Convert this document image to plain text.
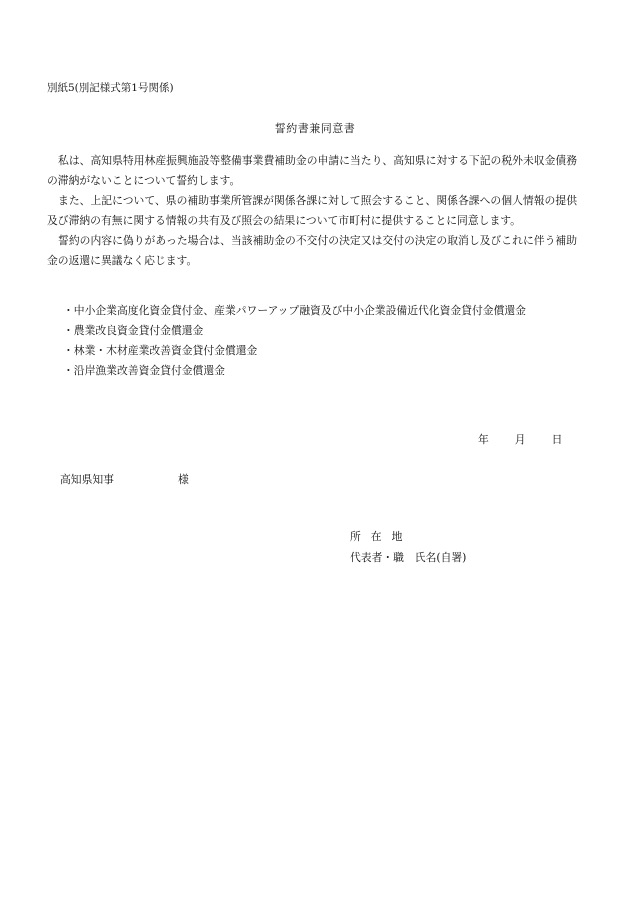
別紙5(別記様式第1号関係)
誓約書兼同意書

私は、高知県特用林産振興施設等整備事業費補助金の申請に当たり、高知県に対する下記の税外未収金債務の滞納がないことについて誓約します。

また、上記について、県の補助事業所管課が関係各課に対して照会すること、関係各課への個人情報の提供及び滞納の有無に関する情報の共有及び照会の結果について市町村に提供することに同意します。

誓約の内容に偽りがあった場合は、当該補助金の不交付の決定又は交付の決定の取消し及びこれに伴う補助金の返還に異議なく応じます。

・中小企業高度化資金貸付金、産業パワーアップ融資及び中小企業設備近代化資金貸付金償還金
・農業改良資金貸付金償還金
・林業・木材産業改善資金貸付金償還金
・沿岸漁業改善資金貸付金償還金
年 月 日
高知県知事	様
所在地
代表者・職　氏名(自署)
